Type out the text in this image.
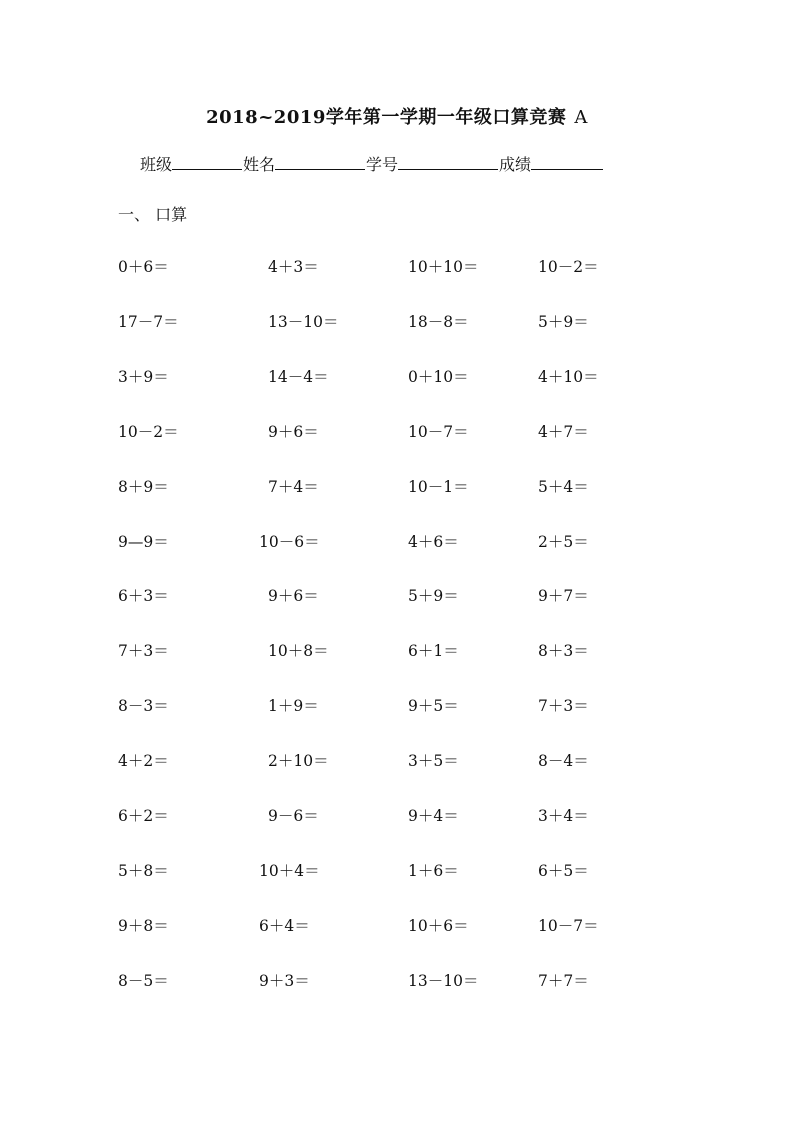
2018~2019学年第一学期一年级口算竞赛 A
班级	姓名	学号	成绩
一、 口算
0＋6＝	4＋3＝	10＋10＝	10－2＝
17－7＝	13－10＝	18－8＝	5＋9＝
3＋9＝	14－4＝	0＋10＝	4＋10＝
10－2＝	9＋6＝	10－7＝	4＋7＝
8＋9＝	7＋4＝	10－1＝	5＋4＝
9—9＝	10－6＝	4＋6＝	2＋5＝
6＋3＝	9＋6＝	5＋9＝	9＋7＝
7＋3＝	10＋8＝	6＋1＝	8＋3＝
8－3＝	1＋9＝	9＋5＝	7＋3＝
4＋2＝	2＋10＝	3＋5＝	8－4＝
6＋2＝	9－6＝	9＋4＝	3＋4＝
5＋8＝	10＋4＝	1＋6＝	6＋5＝
9＋8＝	6＋4＝	10＋6＝	10－7＝
8－5＝	9＋3＝	13－10＝	7＋7＝
